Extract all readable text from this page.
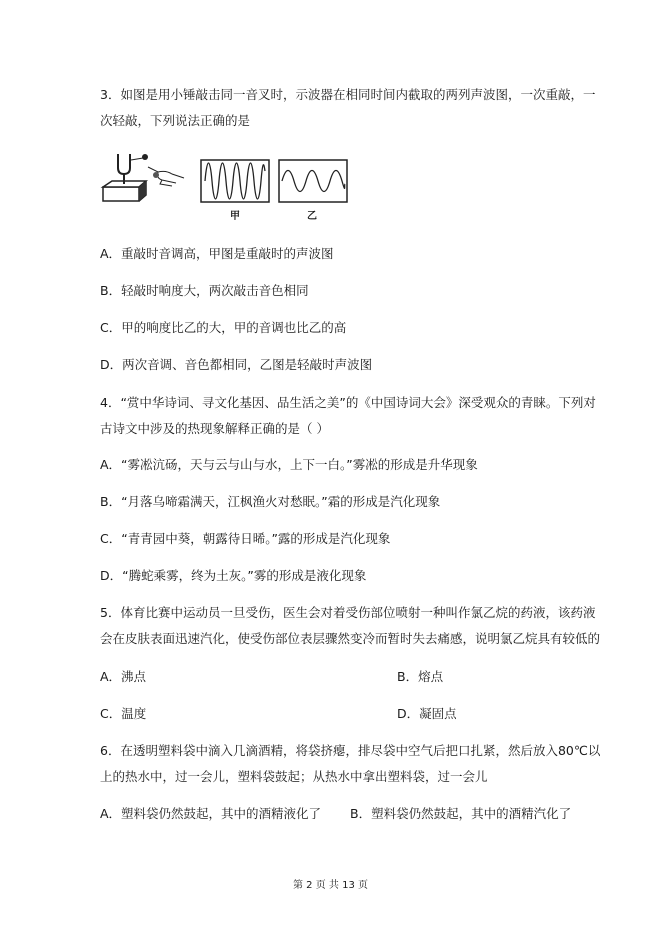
3．如图是用小锤敲击同一音叉时，示波器在相同时间内截取的两列声波图，一次重敲，一
次轻敲，下列说法正确的是
甲	乙
A．重敲时音调高，甲图是重敲时的声波图
B．轻敲时响度大，两次敲击音色相同
C．甲的响度比乙的大，甲的音调也比乙的高
D．两次音调、音色都相同，乙图是轻敲时声波图
4．“赏中华诗词、寻文化基因、品生活之美”的《中国诗词大会》深受观众的青睐。下列对
古诗文中涉及的热现象解释正确的是（ ）
A．“雾凇沆砀，天与云与山与水，上下一白。”雾凇的形成是升华现象
B．“月落乌啼霜满天，江枫渔火对愁眠。”霜的形成是汽化现象
C．“青青园中葵，朝露待日晞。”露的形成是汽化现象
D．“腾蛇乘雾，终为土灰。”雾的形成是液化现象
5．体育比赛中运动员一旦受伤，医生会对着受伤部位喷射一种叫作氯乙烷的药液，该药液
会在皮肤表面迅速汽化，使受伤部位表层骤然变冷而暂时失去痛感，说明氯乙烷具有较低的
A．沸点	B．熔点
C．温度	D．凝固点
6．在透明塑料袋中滴入几滴酒精，将袋挤瘪，排尽袋中空气后把口扎紧，然后放入80℃以
上的热水中，过一会儿，塑料袋鼓起；从热水中拿出塑料袋，过一会儿
A．塑料袋仍然鼓起，其中的酒精液化了 B．塑料袋仍然鼓起，其中的酒精汽化了
第 2 页 共 13 页
